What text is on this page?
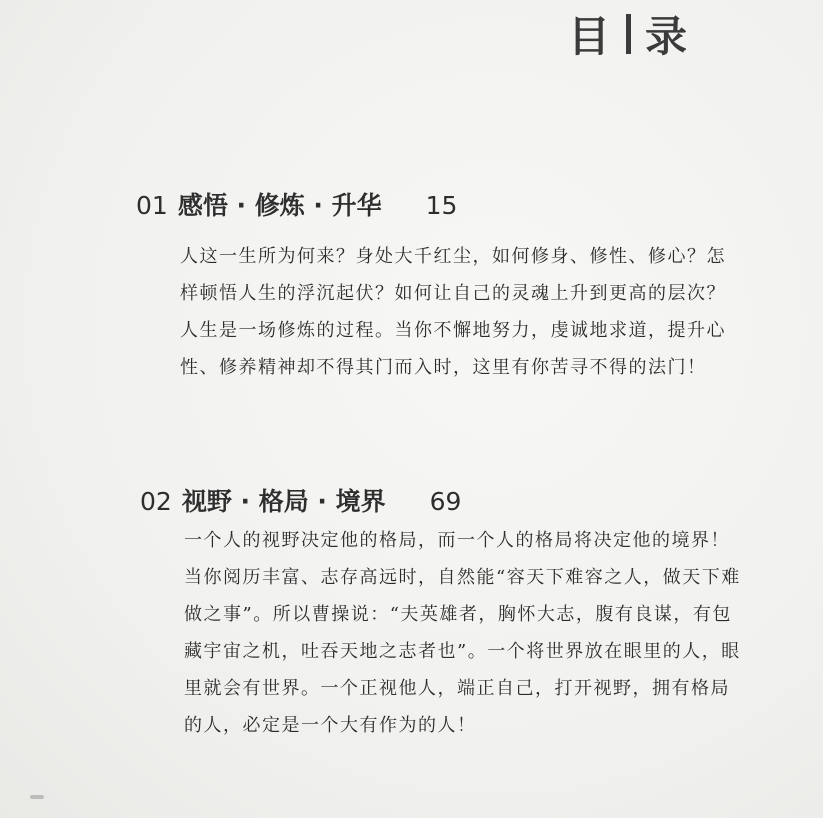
目 录
01 感悟 · 修炼 · 升华 15
人这一生所为何来？身处大千红尘，如何修身、修性、修心？怎样顿悟人生的浮沉起伏？如何让自己的灵魂上升到更高的层次？人生是一场修炼的过程。当你不懈地努力，虔诚地求道，提升心性、修养精神却不得其门而入时，这里有你苦寻不得的法门！
02 视野 · 格局 · 境界 69
一个人的视野决定他的格局，而一个人的格局将决定他的境界！当你阅历丰富、志存高远时，自然能“容天下难容之人，做天下难做之事”。所以曹操说：“夫英雄者，胸怀大志，腹有良谋，有包藏宇宙之机，吐吞天地之志者也”。一个将世界放在眼里的人，眼里就会有世界。一个正视他人，端正自己，打开视野，拥有格局的人，必定是一个大有作为的人！
